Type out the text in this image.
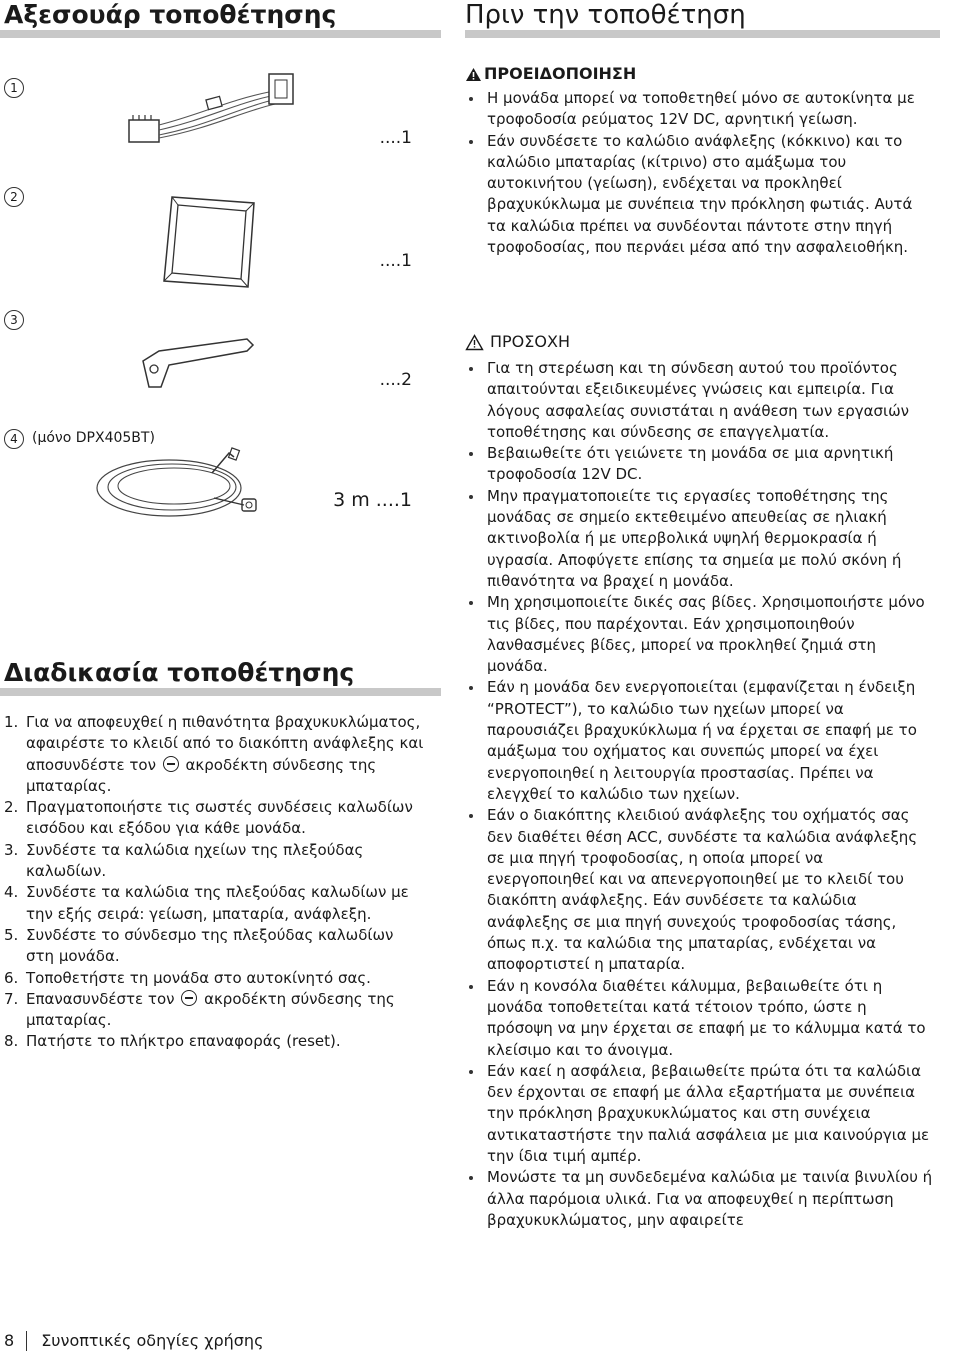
Αξεσουάρ τοποθέτησης
1
....1
2
....1
3
....2
4	(μόνο DPX405BT)
3 m ....1
Διαδικασία τοποθέτησης
1. Για να αποφευχθεί η πιθανότητα βραχυκυκλώματος, αφαιρέστε το κλειδί από το διακόπτη ανάφλεξης και αποσυνδέστε τον ακροδέκτη σύνδεσης της μπαταρίας.
2. Πραγματοποιήστε τις σωστές συνδέσεις καλωδίων εισόδου και εξόδου για κάθε μονάδα.
3. Συνδέστε τα καλώδια ηχείων της πλεξούδας καλωδίων.
4. Συνδέστε τα καλώδια της πλεξούδας καλωδίων με την εξής σειρά: γείωση, μπαταρία, ανάφλεξη.
5. Συνδέστε το σύνδεσμο της πλεξούδας καλωδίων στη μονάδα.
6. Τοποθετήστε τη μονάδα στο αυτοκίνητό σας.
7. Επανασυνδέστε τον ακροδέκτη σύνδεσης της μπαταρίας.
8. Πατήστε το πλήκτρο επαναφοράς (reset).
8 Συνοπτικές οδηγίες χρήσης
Πριν την τοποθέτηση
ΠΡΟΕΙΔΟΠΟΙΗΣΗ
Η μονάδα μπορεί να τοποθετηθεί μόνο σε αυτοκίνητα με τροφοδοσία ρεύματος 12V DC, αρνητική γείωση.
Εάν συνδέσετε το καλώδιο ανάφλεξης (κόκκινο) και το καλώδιο μπαταρίας (κίτρινο) στο αμάξωμα του αυτοκινήτου (γείωση), ενδέχεται να προκληθεί βραχυκύκλωμα με συνέπεια την πρόκληση φωτιάς. Αυτά τα καλώδια πρέπει να συνδέονται πάντοτε στην πηγή τροφοδοσίας, που περνάει μέσα από την ασφαλειοθήκη.
ΠΡΟΣΟΧΗ
Για τη στερέωση και τη σύνδεση αυτού του προϊόντος απαιτούνται εξειδικευμένες γνώσεις και εμπειρία. Για λόγους ασφαλείας συνιστάται η ανάθεση των εργασιών τοποθέτησης και σύνδεσης σε επαγγελματία.
Βεβαιωθείτε ότι γειώνετε τη μονάδα σε μια αρνητική τροφοδοσία 12V DC.
Μην πραγματοποιείτε τις εργασίες τοποθέτησης της μονάδας σε σημείο εκτεθειμένο απευθείας σε ηλιακή ακτινοβολία ή με υπερβολικά υψηλή θερμοκρασία ή υγρασία. Αποφύγετε επίσης τα σημεία με πολύ σκόνη ή πιθανότητα να βραχεί η μονάδα.
Μη χρησιμοποιείτε δικές σας βίδες. Χρησιμοποιήστε μόνο τις βίδες, που παρέχονται. Εάν χρησιμοποιηθούν λανθασμένες βίδες, μπορεί να προκληθεί ζημιά στη μονάδα.
Εάν η μονάδα δεν ενεργοποιείται (εμφανίζεται η ένδειξη “PROTECT”), το καλώδιο των ηχείων μπορεί να παρουσιάζει βραχυκύκλωμα ή να έρχεται σε επαφή με το αμάξωμα του οχήματος και συνεπώς μπορεί να έχει ενεργοποιηθεί η λειτουργία προστασίας. Πρέπει να ελεγχθεί το καλώδιο των ηχείων.
Εάν ο διακόπτης κλειδιού ανάφλεξης του οχήματός σας δεν διαθέτει θέση ACC, συνδέστε τα καλώδια ανάφλεξης σε μια πηγή τροφοδοσίας, η οποία μπορεί να ενεργοποιηθεί και να απενεργοποιηθεί με το κλειδί του διακόπτη ανάφλεξης. Εάν συνδέσετε τα καλώδια ανάφλεξης σε μια πηγή συνεχούς τροφοδοσίας τάσης, όπως π.χ. τα καλώδια της μπαταρίας, ενδέχεται να αποφορτιστεί η μπαταρία.
Εάν η κονσόλα διαθέτει κάλυμμα, βεβαιωθείτε ότι η μονάδα τοποθετείται κατά τέτοιον τρόπο, ώστε η πρόσοψη να μην έρχεται σε επαφή με το κάλυμμα κατά το κλείσιμο και το άνοιγμα.
Εάν καεί η ασφάλεια, βεβαιωθείτε πρώτα ότι τα καλώδια δεν έρχονται σε επαφή με άλλα εξαρτήματα με συνέπεια την πρόκληση βραχυκυκλώματος και στη συνέχεια αντικαταστήστε την παλιά ασφάλεια με μια καινούργια με την ίδια τιμή αμπέρ.
Μονώστε τα μη συνδεδεμένα καλώδια με ταινία βινυλίου ή άλλα παρόμοια υλικά. Για να αποφευχθεί η περίπτωση βραχυκυκλώματος, μην αφαιρείτε
